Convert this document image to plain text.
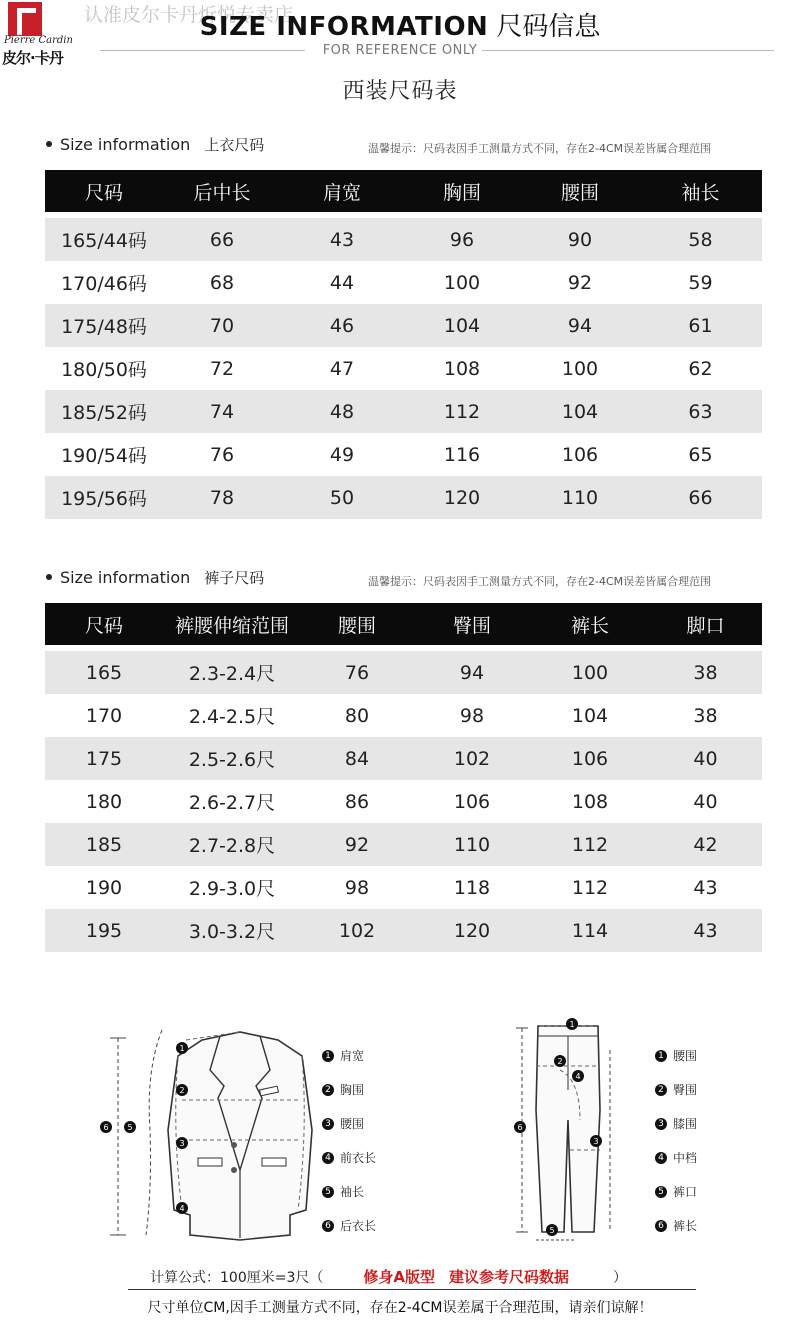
Pierre Cardin
皮尔·卡丹
认准皮尔卡丹炘悦专卖店
SIZE INFORMATION 尺码信息
FOR REFERENCE ONLY
西装尺码表
Size information 上衣尺码	温馨提示：尺码表因手工测量方式不同，存在2-4CM误差皆属合理范围
尺码	后中长	肩宽	胸围	腰围	袖长

165/44码	66	43	96	90	58
170/46码	68	44	100	92	59
175/48码	70	46	104	94	61
180/50码	72	47	108	100	62
185/52码	74	48	112	104	63
190/54码	76	49	116	106	65
195/56码	78	50	120	110	66
Size information 裤子尺码	温馨提示：尺码表因手工测量方式不同，存在2-4CM误差皆属合理范围
尺码	裤腰伸缩范围	腰围	臀围	裤长	脚口

165	2.3-2.4尺	76	94	100	38
170	2.4-2.5尺	80	98	104	38
175	2.5-2.6尺	84	102	106	40
180	2.6-2.7尺	86	106	108	40
185	2.7-2.8尺	92	110	112	42
190	2.9-3.0尺	98	118	112	43
195	3.0-3.2尺	102	120	114	43
1
2
3
4
5
6
1 肩宽
2 胸围
3 腰围
4 前衣长
5 袖长
6 后衣长
1
2
4
3
6
5
1 腰围
2 臀围
3 膝围
4 中档
5 裤口
6 裤长
计算公式：100厘米=3尺（	修身A版型 建议参考尺码数据	）
尺寸单位CM,因手工测量方式不同，存在2-4CM误差属于合理范围，请亲们谅解！
